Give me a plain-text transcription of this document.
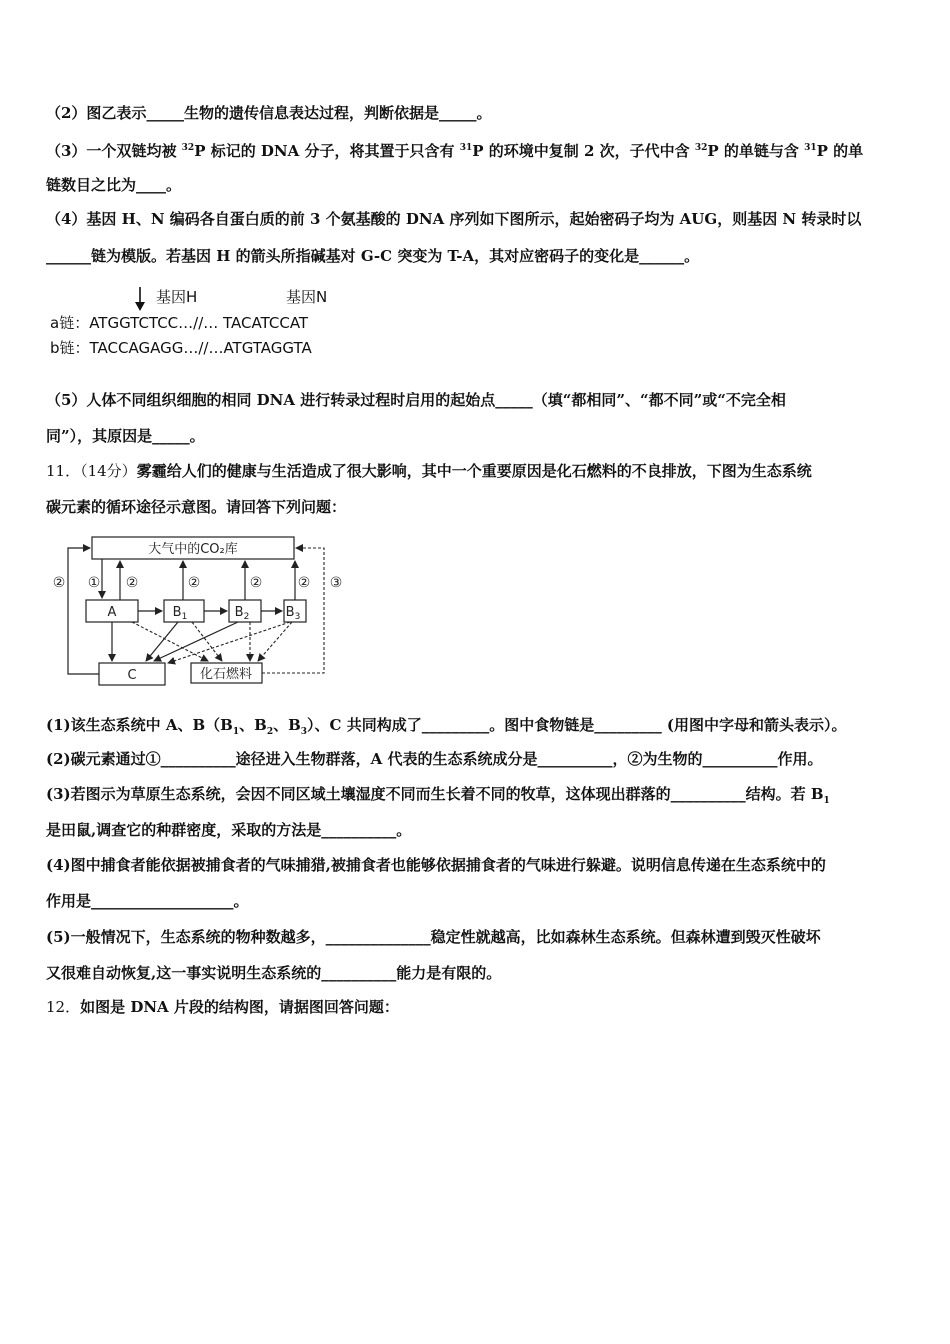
（2）图乙表示_____生物的遗传信息表达过程，判断依据是_____。
（3）一个双链均被 $^{32}$P 标记的 DNA 分子，将其置于只含有 $^{31}$P 的环境中复制 2 次，子代中含 $^{32}$P 的单链与含 $^{31}$P 的单
链数目之比为____。
（4）基因 H、N 编码各自蛋白质的前 3 个氨基酸的 DNA 序列如下图所示，起始密码子均为 AUG，则基因 N 转录时以
______链为模版。若基因 H 的箭头所指碱基对 G-C 突变为 T-A，其对应密码子的变化是______。
基因H	基因N
a链：ATGGTCTCC…//… TACATCCAT
b链：TACCAGAGG…//…ATGTAGGTA
（5）人体不同组织细胞的相同 DNA 进行转录过程时启用的起始点_____（填“都相同”、“都不同”或“不完全相
同”），其原因是_____。
11．（14分）雾霾给人们的健康与生活造成了很大影响，其中一个重要原因是化石燃料的不良排放，下图为生态系统
碳元素的循环途径示意图。请回答下列问题：
大气中的CO₂库
A	$B_1$	$B_2$	$B_3$
C	化石燃料
② ① ②	②	②	② ③
(1)该生态系统中 A、$B(B_1$、$B_2$、$B_3$）、C 共同构成了_________。图中食物链是_________ (用图中字母和箭头表示）。
(2)碳元素通过①__________途径进入生物群落，A 代表的生态系统成分是__________，②为生物的__________作用。
(3)若图示为草原生态系统，会因不同区域土壤湿度不同而生长着不同的牧草，这体现出群落的__________结构。若 $B_1$
是田鼠,调查它的种群密度，采取的方法是__________。
(4)图中捕食者能依据被捕食者的气味捕猎,被捕食者也能够依据捕食者的气味进行躲避。说明信息传递在生态系统中的
作用是___________________。
(5)一般情况下，生态系统的物种数越多，______________稳定性就越高，比如森林生态系统。但森林遭到毁灭性破坏
又很难自动恢复,这一事实说明生态系统的__________能力是有限的。
12．如图是 DNA 片段的结构图，请据图回答问题：
